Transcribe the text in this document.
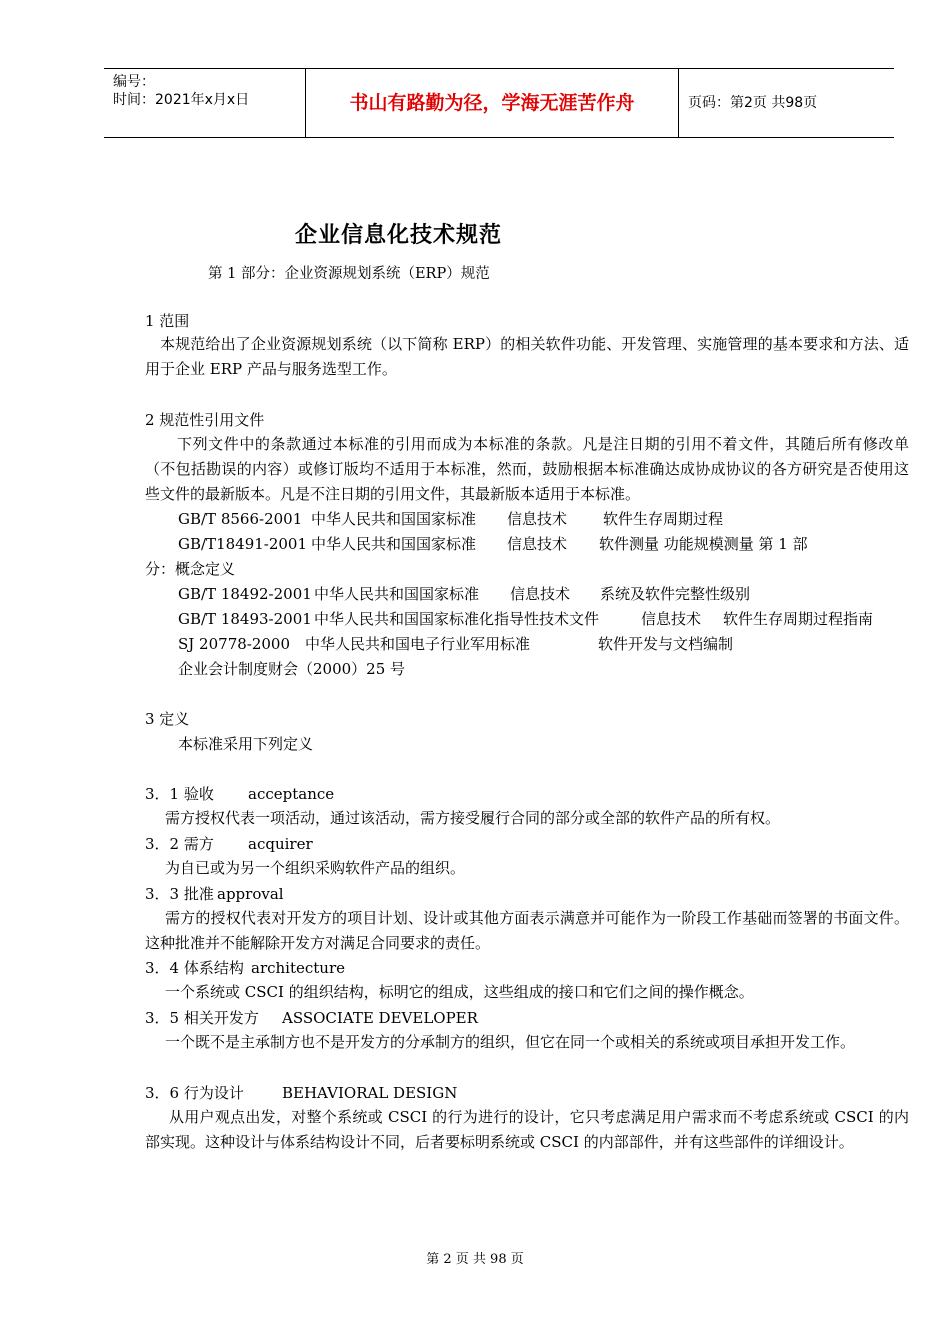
编号：
时间：2021年x月x日	书山有路勤为径，学海无涯苦作舟	页码：第2页 共98页
企业信息化技术规范
第 1 部分：企业资源规划系统（ERP）规范
1 范围
本规范给出了企业资源规划系统（以下简称 ERP）的相关软件功能、开发管理、实施管理的基本要求和方法、适用于企业 ERP 产品与服务选型工作。
2 规范性引用文件
下列文件中的条款通过本标准的引用而成为本标准的条款。凡是注日期的引用不着文件，其随后所有修改单（不包括勘误的内容）或修订版均不适用于本标准，然而，鼓励根据本标准确达成协成协议的各方研究是否使用这些文件的最新版本。凡是不注日期的引用文件，其最新版本适用于本标准。
GB/T 8566-2001 中华人民共和国国家标准 信息技术 软件生存周期过程
GB/T18491-2001 中华人民共和国国家标准 信息技术 软件测量 功能规模测量 第 1 部
分：概念定义
GB/T 18492-2001 中华人民共和国国家标准 信息技术 系统及软件完整性级别
GB/T 18493-2001 中华人民共和国国家标准化指导性技术文件	信息技术 软件生存周期过程指南
SJ 20778-2000 中华人民共和国电子行业军用标准	软件开发与文档编制
企业会计制度财会（2000）25 号
3 定义
本标准采用下列定义
3．1 验收 acceptance
需方授权代表一项活动，通过该活动，需方接受履行合同的部分或全部的软件产品的所有权。
3．2 需方 acquirer
为自已或为另一个组织采购软件产品的组织。
3．3 批准 approval
需方的授权代表对开发方的项目计划、设计或其他方面表示满意并可能作为一阶段工作基础而签署的书面文件。这种批准并不能解除开发方对满足合同要求的责任。
3．4 体系结构 architecture
一个系统或 CSCI 的组织结构，标明它的组成，这些组成的接口和它们之间的操作概念。
3．5 相关开发方 ASSOCIATE DEVELOPER
一个既不是主承制方也不是开发方的分承制方的组织，但它在同一个或相关的系统或项目承担开发工作。
3．6 行为设计	BEHAVIORAL DESIGN
从用户观点出发，对整个系统或 CSCI 的行为进行的设计，它只考虑满足用户需求而不考虑系统或 CSCI 的内部实现。这种设计与体系结构设计不同，后者要标明系统或 CSCI 的内部部件，并有这些部件的详细设计。
第 2 页 共 98 页
